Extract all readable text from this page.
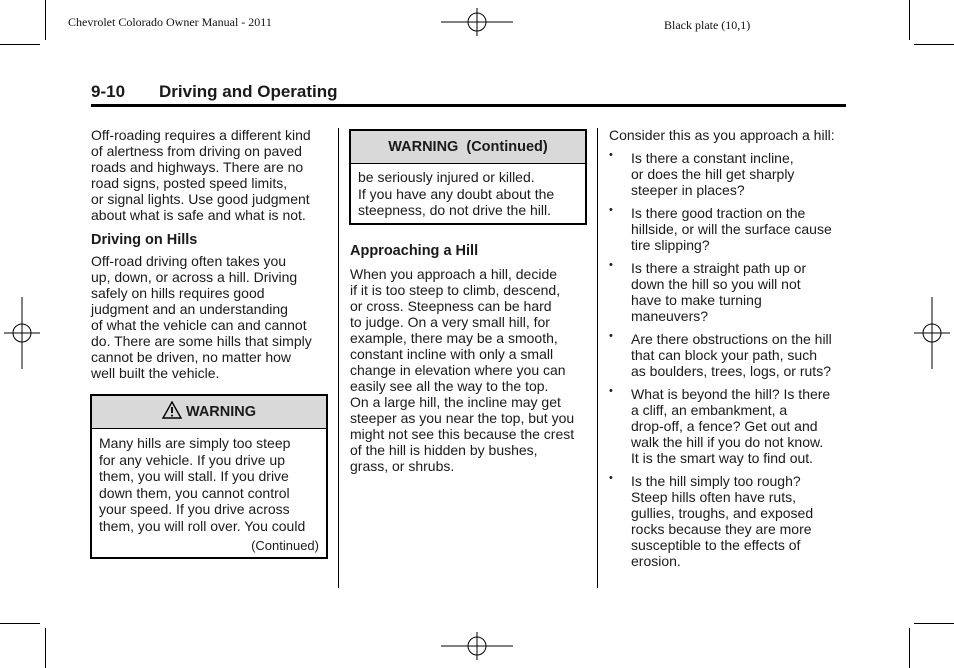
Chevrolet Colorado Owner Manual - 2011	Black plate (10,1)
9-10 Driving and Operating

Off-roading requires a different kind
of alertness from driving on paved
roads and highways. There are no
road signs, posted speed limits,
or signal lights. Use good judgment
about what is safe and what is not.

Driving on Hills

Off-road driving often takes you
up, down, or across a hill. Driving
safely on hills requires good
judgment and an understanding
of what the vehicle can and cannot
do. There are some hills that simply
cannot be driven, no matter how
well built the vehicle.

WARNING
Many hills are simply too steep
for any vehicle. If you drive up
them, you will stall. If you drive
down them, you cannot control
your speed. If you drive across
them, you will roll over. You could
(Continued)
WARNING  (Continued)
be seriously injured or killed.
If you have any doubt about the
steepness, do not drive the hill.

Approaching a Hill

When you approach a hill, decide
if it is too steep to climb, descend,
or cross. Steepness can be hard
to judge. On a very small hill, for
example, there may be a smooth,
constant incline with only a small
change in elevation where you can
easily see all the way to the top.
On a large hill, the incline may get
steeper as you near the top, but you
might not see this because the crest
of the hill is hidden by bushes,
grass, or shrubs.

Consider this as you approach a hill:

• Is there a constant incline,
or does the hill get sharply
steeper in places?
• Is there good traction on the
hillside, or will the surface cause
tire slipping?
• Is there a straight path up or
down the hill so you will not
have to make turning
maneuvers?
• Are there obstructions on the hill
that can block your path, such
as boulders, trees, logs, or ruts?
• What is beyond the hill? Is there
a cliff, an embankment, a
drop-off, a fence? Get out and
walk the hill if you do not know.
It is the smart way to find out.
• Is the hill simply too rough?
Steep hills often have ruts,
gullies, troughs, and exposed
rocks because they are more
susceptible to the effects of
erosion.
